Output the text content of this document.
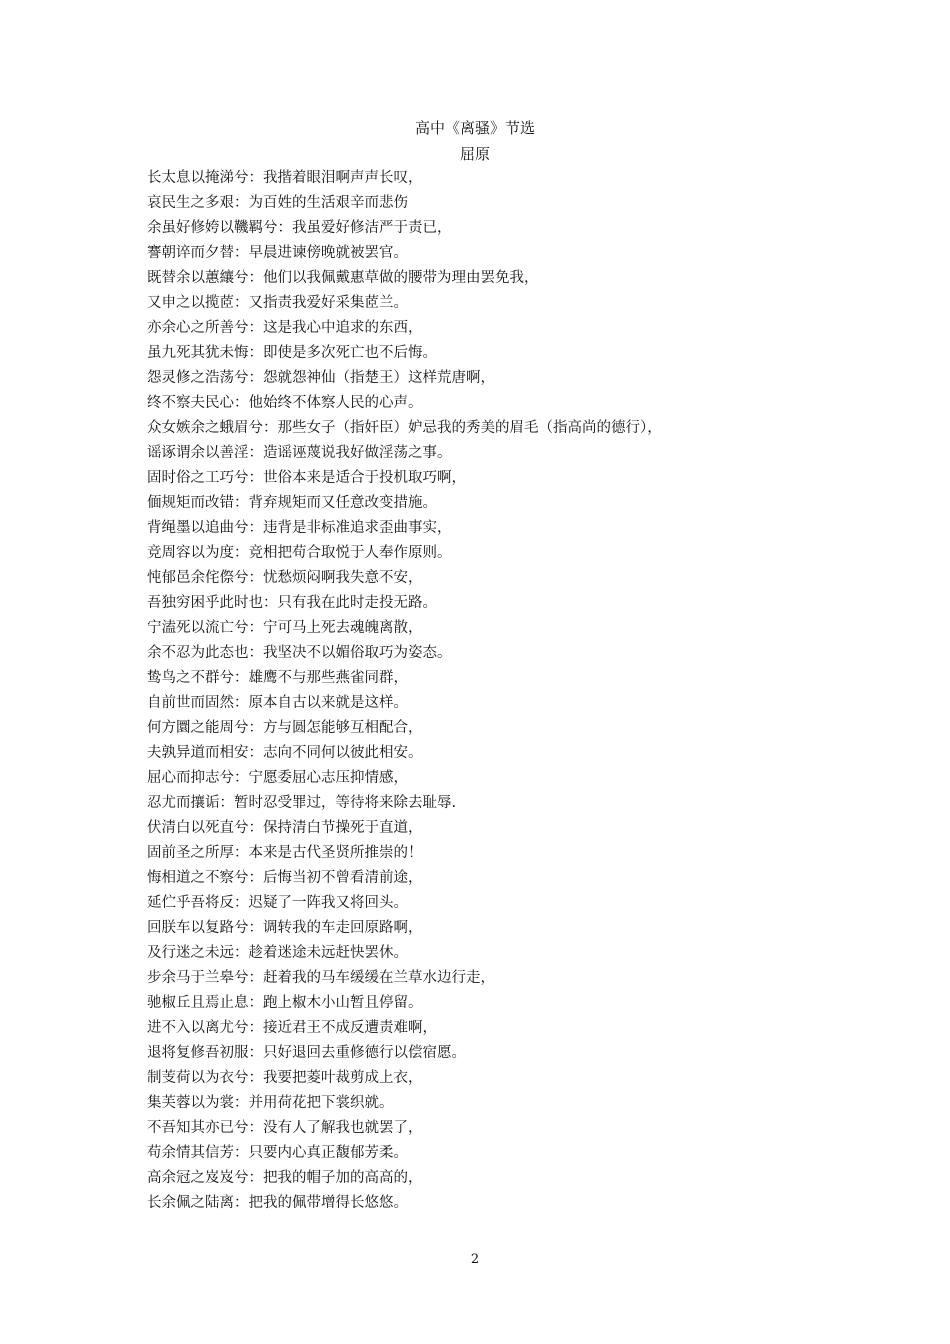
高中《离骚》节选
屈原
长太息以掩涕兮：我揩着眼泪啊声声长叹，
哀民生之多艰：为百姓的生活艰辛而悲伤
余虽好修姱以鞿羁兮：我虽爱好修洁严于责已，
謇朝谇而夕替：早晨进谏傍晚就被罢官。
既替余以蕙纕兮：他们以我佩戴惠草做的腰带为理由罢免我，
又申之以揽茝：又指责我爱好采集茝兰。
亦余心之所善兮：这是我心中追求的东西，
虽九死其犹未悔：即使是多次死亡也不后悔。
怨灵修之浩荡兮：怨就怨神仙（指楚王）这样荒唐啊，
终不察夫民心：他始终不体察人民的心声。
众女嫉余之蛾眉兮：那些女子（指奸臣）妒忌我的秀美的眉毛（指高尚的德行），
谣诼谓余以善淫：造谣诬蔑说我好做淫荡之事。
固时俗之工巧兮：世俗本来是适合于投机取巧啊，
偭规矩而改错：背弃规矩而又任意改变措施。
背绳墨以追曲兮：违背是非标准追求歪曲事实，
竞周容以为度：竞相把苟合取悦于人奉作原则。
忳郁邑余侘傺兮：忧愁烦闷啊我失意不安，
吾独穷困乎此时也：只有我在此时走投无路。
宁溘死以流亡兮：宁可马上死去魂魄离散，
余不忍为此态也：我坚决不以媚俗取巧为姿态。
鸷鸟之不群兮：雄鹰不与那些燕雀同群，
自前世而固然：原本自古以来就是这样。
何方圜之能周兮：方与圆怎能够互相配合，
夫孰异道而相安：志向不同何以彼此相安。
屈心而抑志兮：宁愿委屈心志压抑情感，
忍尤而攘诟：暂时忍受罪过，等待将来除去耻辱.
伏清白以死直兮：保持清白节操死于直道，
固前圣之所厚：本来是古代圣贤所推崇的！
悔相道之不察兮：后悔当初不曾看清前途，
延伫乎吾将反：迟疑了一阵我又将回头。
回朕车以复路兮：调转我的车走回原路啊，
及行迷之未远：趁着迷途未远赶快罢休。
步余马于兰皋兮：赶着我的马车缓缓在兰草水边行走，
驰椒丘且焉止息：跑上椒木小山暂且停留。
进不入以离尤兮：接近君王不成反遭责难啊，
退将复修吾初服：只好退回去重修德行以偿宿愿。
制芰荷以为衣兮：我要把菱叶裁剪成上衣，
集芙蓉以为裳：并用荷花把下裳织就。
不吾知其亦已兮：没有人了解我也就罢了，
苟余情其信芳：只要内心真正馥郁芳柔。
高余冠之岌岌兮：把我的帽子加的高高的，
长余佩之陆离：把我的佩带增得长悠悠。
2
